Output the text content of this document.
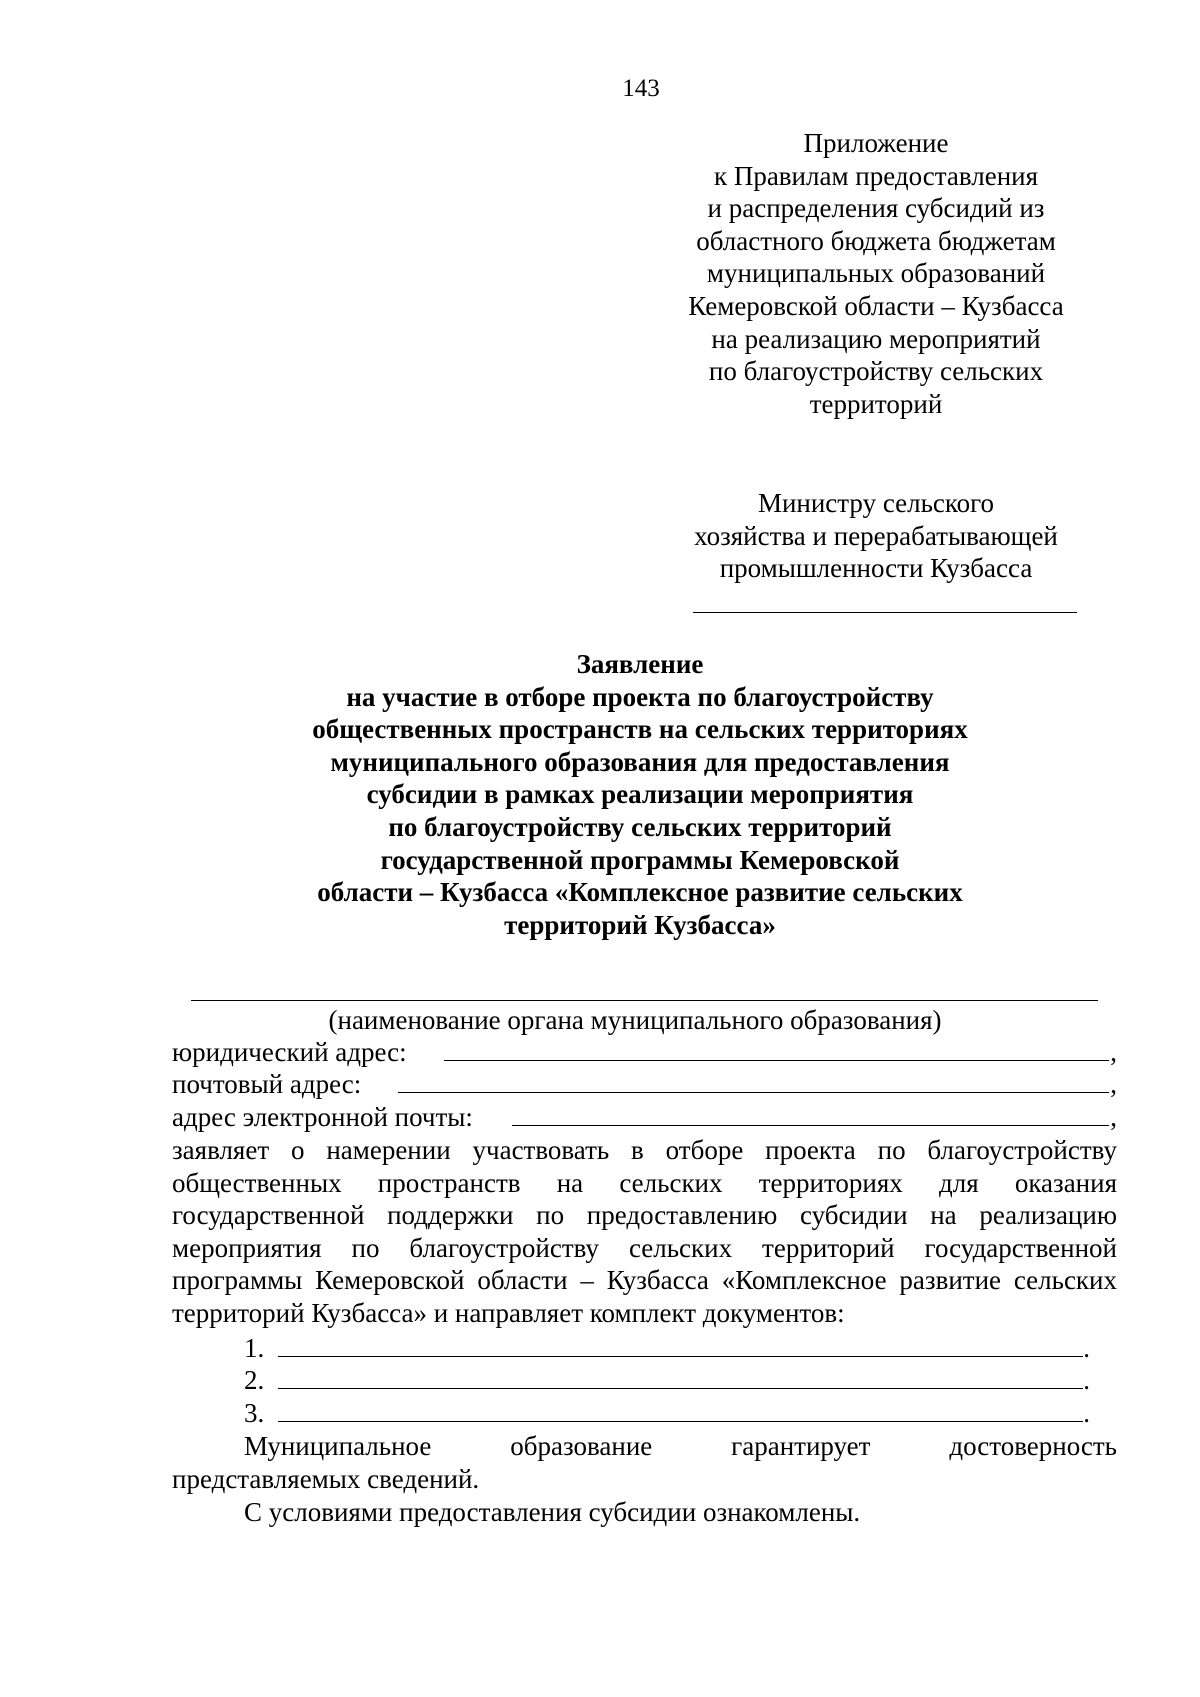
143
Приложение
к Правилам предоставления
и распределения субсидий из
областного бюджета бюджетам
муниципальных образований
Кемеровской области – Кузбасса
на реализацию мероприятий
по благоустройству сельских
территорий
Министру сельского
хозяйства и перерабатывающей
промышленности Кузбасса
Заявление
на участие в отборе проекта по благоустройству
общественных пространств на сельских территориях
муниципального образования для предоставления
субсидии в рамках реализации мероприятия
по благоустройству сельских территорий
государственной программы Кемеровской
области – Кузбасса «Комплексное развитие сельских
территорий Кузбасса»
(наименование органа муниципального образования)
юридический адрес:	,
почтовый адрес:	,
адрес электронной почты:	,
заявляет о намерении участвовать в отборе проекта по благоустройству общественных пространств на сельских территориях для оказания государственной поддержки по предоставлению субсидии на реализацию мероприятия по благоустройству сельских территорий государственной программы Кемеровской области – Кузбасса «Комплексное развитие сельских территорий Кузбасса» и направляет комплект документов:
1.	.
2.	.
3.	.
Муниципальное образование гарантирует достоверность
представляемых сведений.
С условиями предоставления субсидии ознакомлены.
